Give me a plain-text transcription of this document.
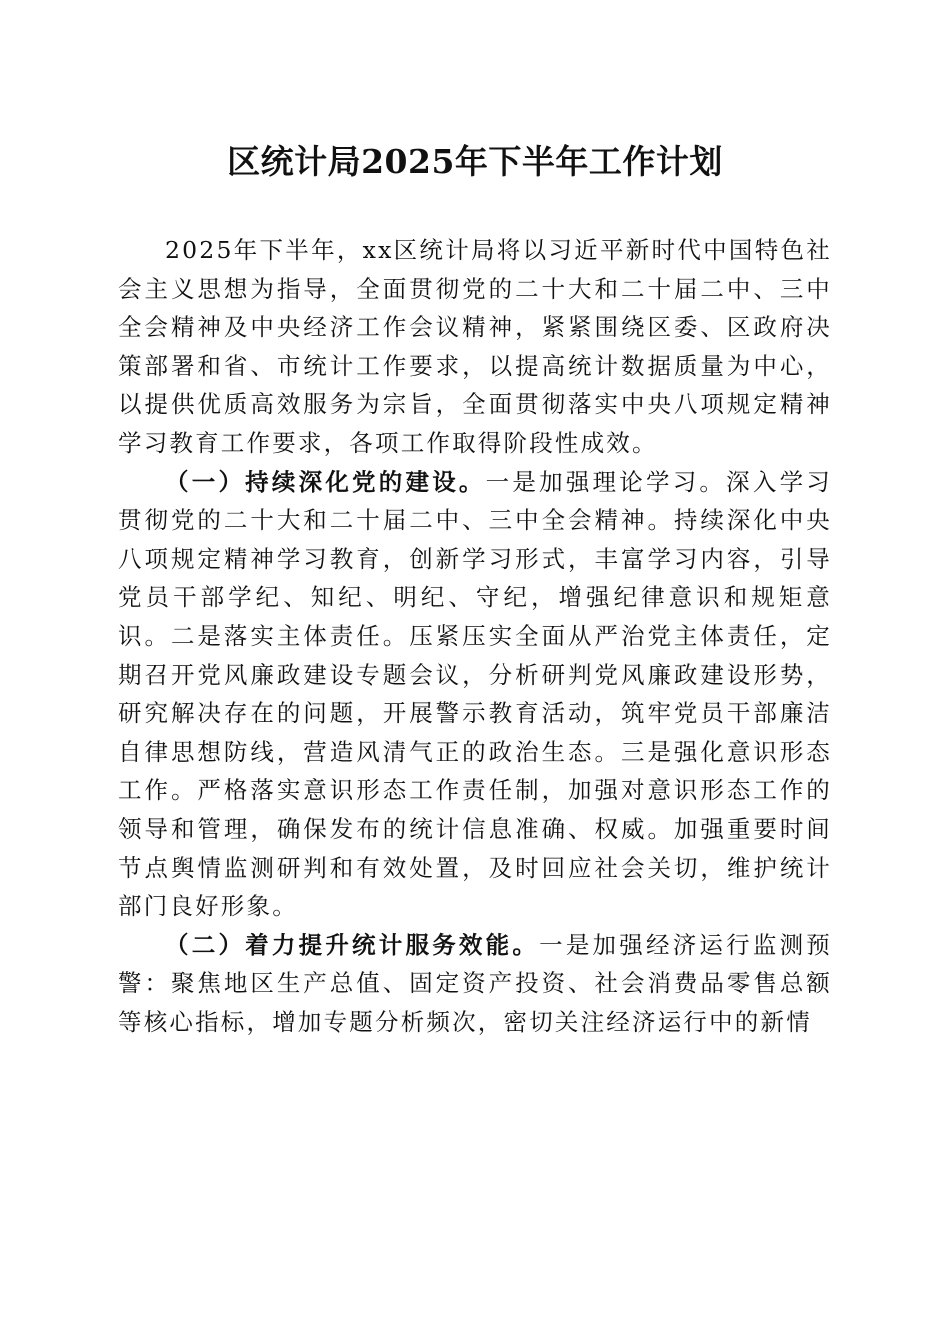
区统计局2025年下半年工作计划

2025年下半年，xx区统计局将以习近平新时代中国特色社会主义思想为指导，全面贯彻党的二十大和二十届二中、三中全会精神及中央经济工作会议精神，紧紧围绕区委、区政府决策部署和省、市统计工作要求，以提高统计数据质量为中心，以提供优质高效服务为宗旨，全面贯彻落实中央八项规定精神学习教育工作要求，各项工作取得阶段性成效。

（一）持续深化党的建设。一是加强理论学习。深入学习贯彻党的二十大和二十届二中、三中全会精神。持续深化中央八项规定精神学习教育，创新学习形式，丰富学习内容，引导党员干部学纪、知纪、明纪、守纪，增强纪律意识和规矩意识。二是落实主体责任。压紧压实全面从严治党主体责任，定期召开党风廉政建设专题会议，分析研判党风廉政建设形势，研究解决存在的问题，开展警示教育活动，筑牢党员干部廉洁自律思想防线，营造风清气正的政治生态。三是强化意识形态工作。严格落实意识形态工作责任制，加强对意识形态工作的领导和管理，确保发布的统计信息准确、权威。加强重要时间节点舆情监测研判和有效处置，及时回应社会关切，维护统计部门良好形象。

（二）着力提升统计服务效能。一是加强经济运行监测预警：聚焦地区生产总值、固定资产投资、社会消费品零售总额等核心指标，增加专题分析频次，密切关注经济运行中的新情
